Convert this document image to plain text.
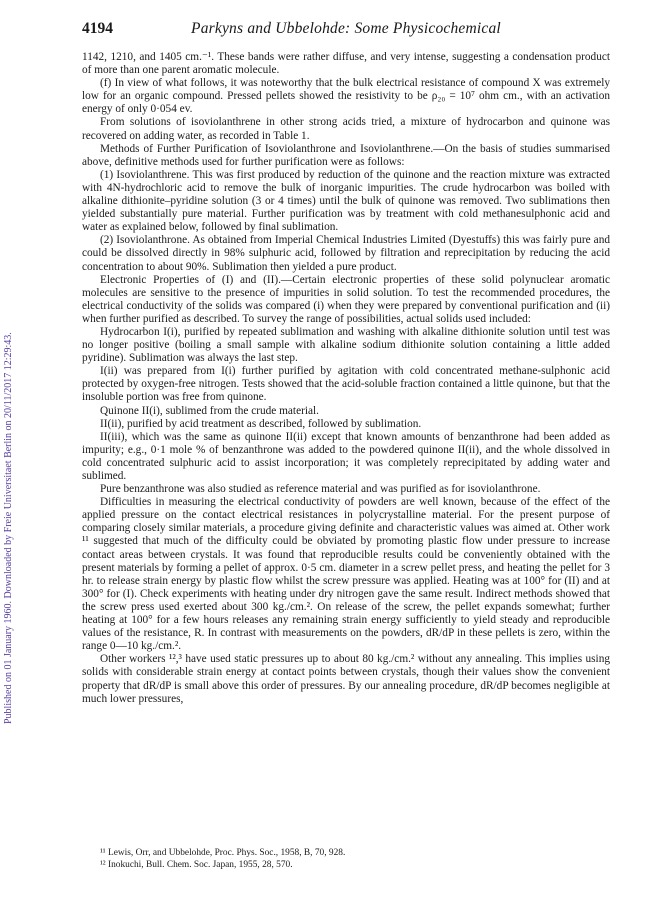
4194	Parkyns and Ubbelohde: Some Physicochemical
Published on 01 January 1960. Downloaded by Freie Universitaet Berlin on 20/11/2017 12:29:43.

1142, 1210, and 1405 cm.⁻¹. These bands were rather diffuse, and very intense, suggesting a condensation product of more than one parent aromatic molecule.

(f) In view of what follows, it was noteworthy that the bulk electrical resistance of compound X was extremely low for an organic compound. Pressed pellets showed the resistivity to be ρ₂₀ = 10⁷ ohm cm., with an activation energy of only 0·054 ev.

From solutions of isoviolanthrene in other strong acids tried, a mixture of hydrocarbon and quinone was recovered on adding water, as recorded in Table 1.

Methods of Further Purification of Isoviolanthrone and Isoviolanthrene.—On the basis of studies summarised above, definitive methods used for further purification were as follows:

(1) Isoviolanthrene. This was first produced by reduction of the quinone and the reaction mixture was extracted with 4N-hydrochloric acid to remove the bulk of inorganic impurities. The crude hydrocarbon was boiled with alkaline dithionite–pyridine solution (3 or 4 times) until the bulk of quinone was removed. Two sublimations then yielded substantially pure material. Further purification was by treatment with cold methanesulphonic acid and water as explained below, followed by final sublimation.

(2) Isoviolanthrone. As obtained from Imperial Chemical Industries Limited (Dyestuffs) this was fairly pure and could be dissolved directly in 98% sulphuric acid, followed by filtration and reprecipitation by reducing the acid concentration to about 90%. Sublimation then yielded a pure product.

Electronic Properties of (I) and (II).—Certain electronic properties of these solid polynuclear aromatic molecules are sensitive to the presence of impurities in solid solution. To test the recommended procedures, the electrical conductivity of the solids was compared (i) when they were prepared by conventional purification and (ii) when further purified as described. To survey the range of possibilities, actual solids used included:

Hydrocarbon I(i), purified by repeated sublimation and washing with alkaline dithionite solution until test was no longer positive (boiling a small sample with alkaline sodium dithionite solution containing a little added pyridine). Sublimation was always the last step.

I(ii) was prepared from I(i) further purified by agitation with cold concentrated methane-sulphonic acid protected by oxygen-free nitrogen. Tests showed that the acid-soluble fraction contained a little quinone, but that the insoluble portion was free from quinone.

Quinone II(i), sublimed from the crude material.

II(ii), purified by acid treatment as described, followed by sublimation.

II(iii), which was the same as quinone II(ii) except that known amounts of benzanthrone had been added as impurity; e.g., 0·1 mole % of benzanthrone was added to the powdered quinone II(ii), and the whole dissolved in cold concentrated sulphuric acid to assist incorporation; it was completely reprecipitated by adding water and sublimed.

Pure benzanthrone was also studied as reference material and was purified as for isoviolanthrone.

Difficulties in measuring the electrical conductivity of powders are well known, because of the effect of the applied pressure on the contact electrical resistances in polycrystalline material. For the present purpose of comparing closely similar materials, a procedure giving definite and characteristic values was aimed at. Other work ¹¹ suggested that much of the difficulty could be obviated by promoting plastic flow under pressure to increase contact areas between crystals. It was found that reproducible results could be conveniently obtained with the present materials by forming a pellet of approx. 0·5 cm. diameter in a screw pellet press, and heating the pellet for 3 hr. to release strain energy by plastic flow whilst the screw pressure was applied. Heating was at 100° for (II) and at 300° for (I). Check experiments with heating under dry nitrogen gave the same result. Indirect methods showed that the screw press used exerted about 300 kg./cm.². On release of the screw, the pellet expands somewhat; further heating at 100° for a few hours releases any remaining strain energy sufficiently to yield steady and reproducible values of the resistance, R. In contrast with measurements on the powders, dR/dP in these pellets is zero, within the range 0—10 kg./cm.².

Other workers ¹²,³ have used static pressures up to about 80 kg./cm.² without any annealing. This implies using solids with considerable strain energy at contact points between crystals, though their values show the convenient property that dR/dP is small above this order of pressures. By our annealing procedure, dR/dP becomes negligible at much lower pressures,

¹¹ Lewis, Orr, and Ubbelohde, Proc. Phys. Soc., 1958, B, 70, 928.

¹² Inokuchi, Bull. Chem. Soc. Japan, 1955, 28, 570.
